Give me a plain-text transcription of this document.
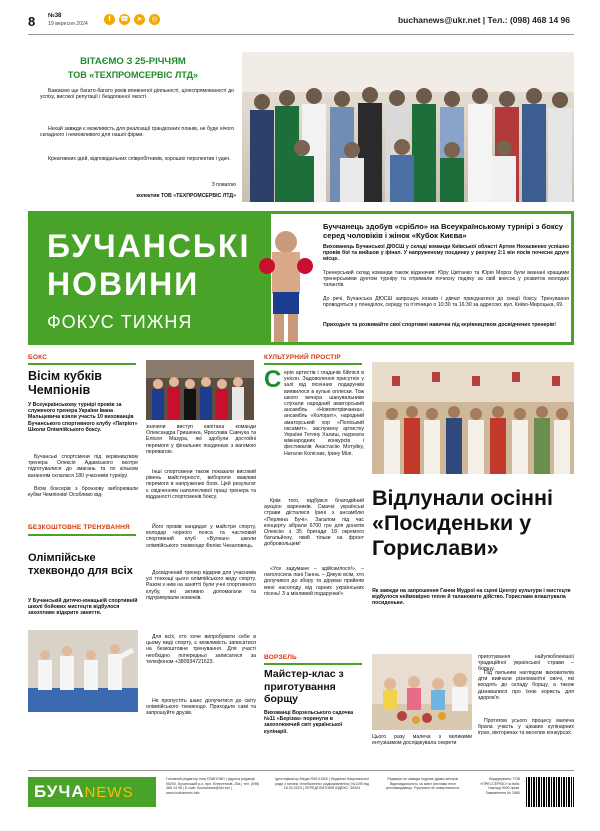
8 №38
19 вересня 2024
f	☎	➤	◎	buchanews@ukr.net | Тел.: (098) 468 14 96
ВІТАЄМО З 25-РІЧЧЯМ
ТОВ «ТЕХПРОМСЕРВІС ЛТД»
Бажаємо ще багато-багато років впевненої діяльності, цілеспрямованості до успіху, високої репутації і бездоганної якості.
Нехай завжди є можливість для реалізації грандіозних планів, не буде нічого складного і неможливого для нашої фірми.
Креативних ідей, відповідальних співробітників, хороших перспектив і удач.
З повагою
колектив ТОВ «ТЕХПРОМСЕРВІС ЛТД»
БУЧАНСЬКІ
НОВИНИ
ФОКУС ТИЖНЯ
Буччанець здобув «срібло» на Всеукраїнському турнірі з боксу серед чоловіків і жінок «Кубок Києва»
Вихованець Бучанської ДЮСШ у складі команди Київської області Артем Нехаєвенко успішно провів бої та вийшов у фінал. У напруженому поєдинку у рахунку 2:1 він посів почесне друге місце.
Тренерський склад команди також відзначив: Юру Цвітанко та Юрія Мороз були визнані кращими тренерськими дуетом турніру та отримали почесну подяку за свій внесок у розвиток молодих талантів.
До речі, Бучанська ДЮСШ запрошує юнаків і дівчат приєднатися до секції боксу. Тренування проводяться у понеділок, середу та п'ятницю о 10:30 та 16:30 за адресою: вул. Київо-Мироцька, 69.
Приходьте та розвивайте свої спортивні навички під керівництвом досвідчених тренерів!
БОКС
Вісім кубків Чемпіонів
У Всеукраїнському турнірі провів за служеного тренера України Івана Мальцевича взяли участь 10 вихованців Бучанського спортивного клубу «Патріот» Школи Олімпійського боксу.
Бучанські спортсмени під керівництвом тренера Олексія Адамського вкотре підготувалися до змагань та по кільком ваганням склалася 180 учасників турніру.
Вісім боксерів з бронзову виборювали кубки Чемпіонів! Особливо від-
значили виступ капітана команди Олександра Гришенка, Ярослава Савчука та Елісея Мазура, які здобули достойні перемоги у фінальних поєдинках з вагомою перевагою.
Інші спортсмени також показали високий рівень майстерності, вибороли важливі перемоги в напружених боях. Цей результат є свідченням наполегливої праці тренера та відданості спортсменів боксу.
БЕЗКОШТОВНЕ ТРЕНУВАННЯ
Олімпійське тхеквондо для всіх
У Бучанській дитячо-юнацькій спортивній школі бойових мистецтв відбулося захопливе відкрите заняття.
Його провів кандидат у майстри спорту, володар чорного пояса та частковий спортивний клуб «Вулкан» школи олімпійського тхеквондо Фелікс Чекаловець.
Досвідчений тренер відкрив для учасників усі тонкощі цього олімпійського виду спорту. Разом з ним на занятті були учні спортивного клубу, які активно допомагали та підтримували новачків.
Для всіх, хто хоче випробувати себе в цьому виді спорту, є можливість записатися на безкоштовне тренування. Для участі необхідно попередньо записатися за телефоном +380934721623.
Не пропустіть шанс долучитися до світу олімпійського тхеквондо. Приходьте самі та запрошуйте друзів.
КУЛЬТУРНИЙ ПРОСТІР
С ерія артистів і гладачів бійліся в унісон. Задоволення присутніх у залі від пісенних подарунків виявилося в кульні оплески. Тож шкого вечора шанувальники слухали народний аматорський ансамбль «Новопетрівчанка», ансамбль «Колорит», народний аматорський хор «Поліський оксамит», заслужену артистку України Тетяну Халиш, лауреата міжнародних конкурсів і фестивалів Анастасію Мотуйку, Наталю Колісник, Ірину Мілі.
Крім того, відбувся благодійний аукціон вареників. Смачні українські страви дісталися Ірині з ансамблю «Перлина Бучі». Загалом під час концерту зібрали 6700 грн для донатів Олексію з 35 бригади 18 окремого батальйону, який тільки на фронт добровольцем!
«Усе задумане – здійснилося!», – наголосила пані Ганна. – Дякую всім, хто долучився до збору та діруван прийняв мені насолоду від гарних українських пісень! З а мінливий подарунки!»
Відлунали осінні «Посиденьки у Горислави»
Як завжди на запрошення Ганни Мудрої на сцені Центру культури і мистецтв відбулося неймовірно тепле й талановите дійство. Горислава влаштувала посиденьки.
ВОРЗЕЛЬ
Майстер-клас з приготування борщу
Вихованці Ворзельського садочка №11 «Берізка» поринули в захоплюючий світ української кулінарії.
Цього разу малеча з великими ентузіазмом досліджувала секрети
приготування найулюбленішої традиційної української страви – борщу.
Під пильним наглядом вихователів діти вивчали різноманітні овочі, які входять до складу борщу, а також дізнавалися про їхню користь для здоров'я.
Протягом усього процесу малеча брала участь у цікавих кулінарних іграх, вікторинах та веселих конкурсах.
БУЧАNEWS
Головний редактор Інна ПЛИНОВО | Адреса редакції: 08292, Бучанський р-н, вул. Енергетиків, 25а | тел. (098) 468 14 96 | Е-mail: buchanews@ukr.net | www.buchanews.info
Ідентифікатор Медіа R30-01500 | Видання Національної ради з питань телебачення і радіомовлення | №1190 від 16.03.2023 | ПЕРЕДПЛАТНИЙ ІНДЕКС: 30934
Редакція не завжди поділяє думки авторів. Відповідальність за зміст реклами несе рекламодавець. Рукописи не повертаються.
Видрукувано: ТОВ «ПРЕССЕРВІС» м.Київ. Наклад 3000 прим. Замовлення № 2660
